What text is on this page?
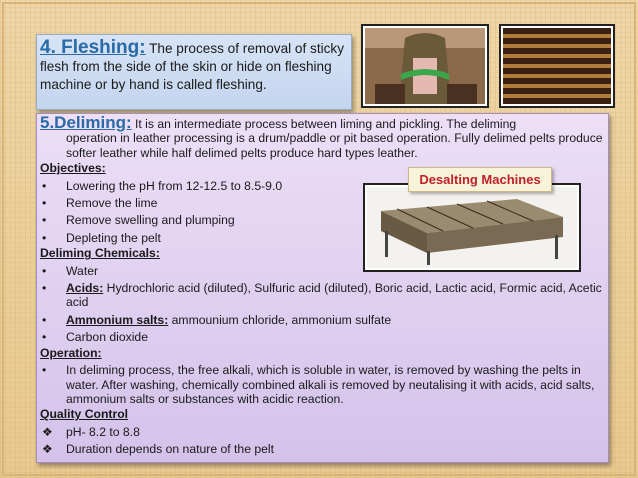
4. Fleshing: The process of removal of sticky flesh from the side of the skin or hide on fleshing machine or by hand is called fleshing.
5.Deliming: It is an intermediate process between liming and pickling. The deliming
operation in leather processing is a drum/paddle or pit based operation. Fully delimed pelts produce softer leather while half delimed pelts produce hard types leather.
Objectives:
• Lowering the pH from 12-12.5 to 8.5-9.0
• Remove the lime
• Remove swelling and plumping
• Depleting the pelt
Deliming Chemicals:
• Water
• Acids: Hydrochloric acid (diluted), Sulfuric acid (diluted), Boric acid, Lactic acid, Formic acid, Acetic acid
• Ammonium salts: ammounium chloride, ammonium sulfate
• Carbon dioxide
Operation:
• In deliming process, the free alkali, which is soluble in water, is removed by washing the pelts in water. After washing, chemically combined alkali is removed by neutalising it with acids, acid salts, ammonium salts or substances with acidic reaction.
Quality Control
❖ pH- 8.2 to 8.8
❖ Duration depends on nature of the pelt
Desalting Machines
